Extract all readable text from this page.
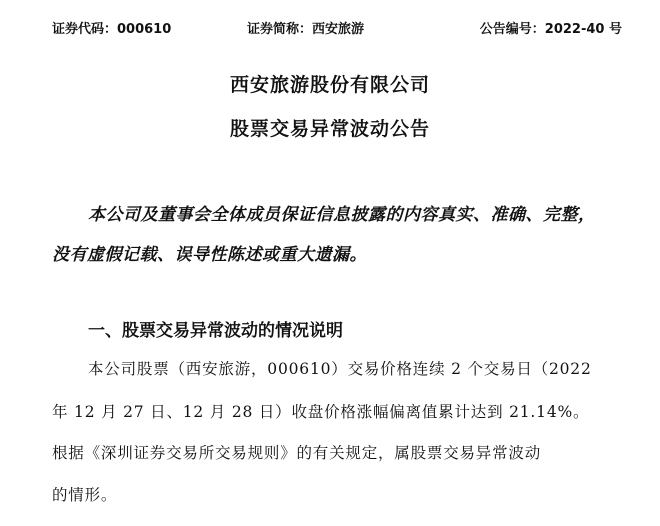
证券代码：000610	证券简称：西安旅游	公告编号：2022-40 号
西安旅游股份有限公司
股票交易异常波动公告
本公司及董事会全体成员保证信息披露的内容真实、准确、完整，
没有虚假记载、误导性陈述或重大遗漏。
一、股票交易异常波动的情况说明
本公司股票（西安旅游，000610）交易价格连续 2 个交易日（2022
年 12 月 27 日、12 月 28 日）收盘价格涨幅偏离值累计达到 21.14%。
根据《深圳证券交易所交易规则》的有关规定，属股票交易异常波动
的情形。
